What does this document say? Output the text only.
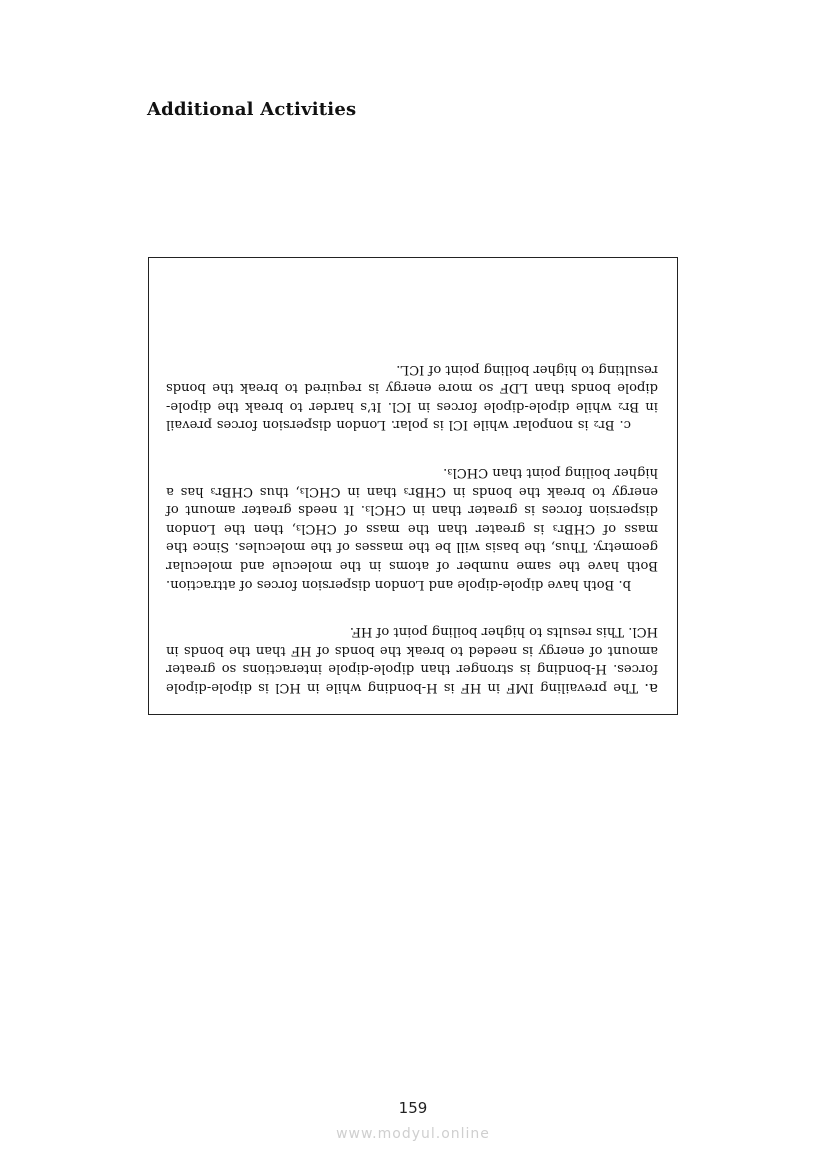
Additional Activities

a. The prevailing IMF in HF is H-bonding while in HCl is dipole-dipole forces. H-bonding is stronger than dipole-dipole interactions so greater amount of energy is needed to break the bonds of HF than the bonds in HCl. This results to higher boiling point of HF.

b. Both have dipole-dipole and London dispersion forces of attraction. Both have the same number of atoms in the molecule and molecular geometry. Thus, the basis will be the masses of the molecules. Since the mass of CHBr₃ is greater than the mass of CHCl₃, then the London dispersion forces is greater than in CHCl₃. It needs greater amount of energy to break the bonds in CHBr₃ than in CHCl₃, thus CHBr₃ has a higher boiling point than CHCl₃.

c. Br₂ is nonpolar while ICl is polar. London dispersion forces prevail in Br₂ while dipole-dipole forces in ICl. It’s harder to break the dipole-dipole bonds than LDF so more energy is required to break the bonds resulting to higher boiling point of ICL.

159
www.modyul.online
